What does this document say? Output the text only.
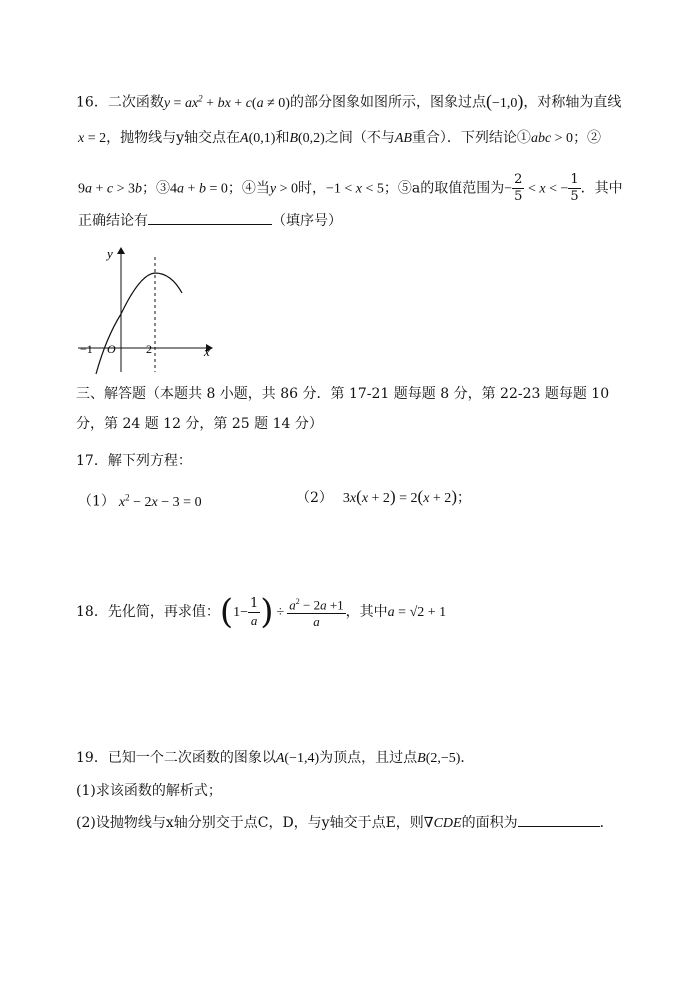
16．二次函数$y = ax^2$ + bx + c(a ≠ 0)的部分图象如图所示，图象过点(−1,0)，对称轴为直线
x = 2，抛物线与y轴交点在A(0,1)和B(0,2)之间（不与AB重合）．下列结论①abc > 0；②
9a + c > 3b；③4a + b = 0；④当y > 0时，−1 < x < 5；⑤a的取值范围为− $\frac{2}{5} < x$ < − $\frac{1}{5}$ ．其中
正确结论有	（填序号）
y
x
−1 O	2
三、解答题（本题共 8 小题，共 86 分．第 17-21 题每题 8 分，第 22-23 题每题 10
分，第 24 题 12 分，第 25 题 14 分）
17．解下列方程：
（1） $x^2 - 2x - 3 = 0$	（2） 3x(x + 2) = 2(x + 2)；
18．先化简，再求值：($1- \frac{1}{a}$ ) ÷ $\frac{a^2 - 2a +1}{a}$ ，其中a = √2 + 1
19．已知一个二次函数的图象以A(−1,4)为顶点，且过点B(2,−5)．
(1)求该函数的解析式；
(2)设抛物线与x轴分别交于点C，D，与y轴交于点E，则∇CDE的面积为	．
